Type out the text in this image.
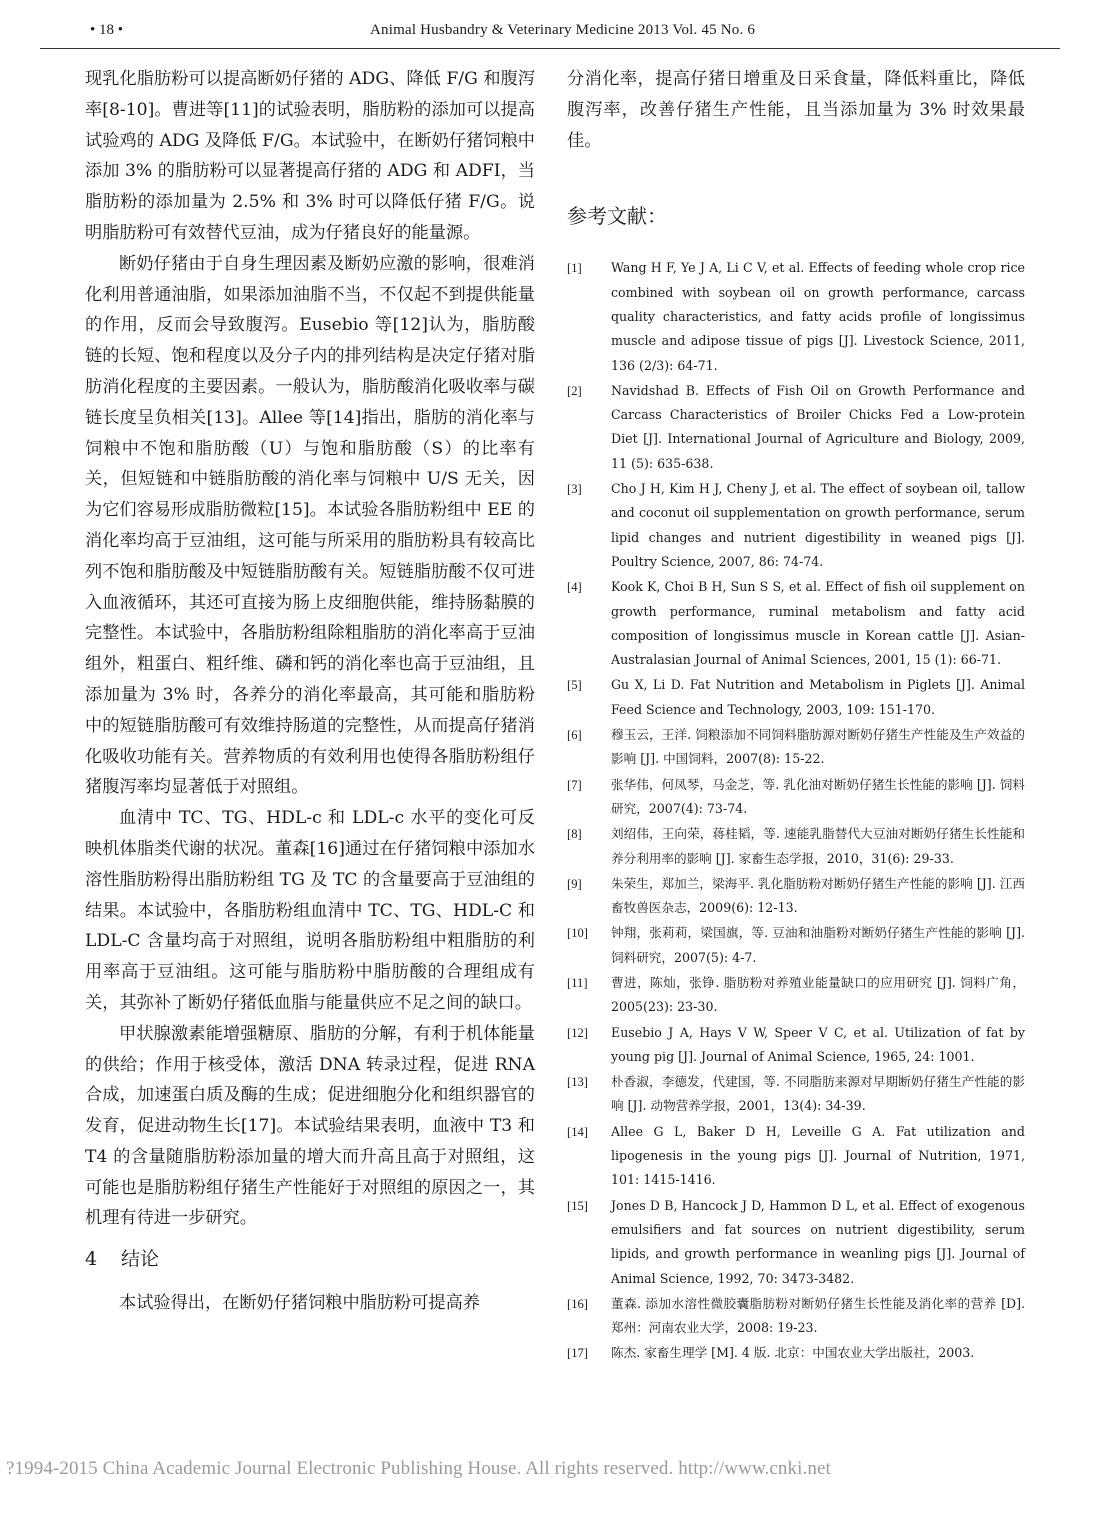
• 18 •	Animal Husbandry & Veterinary Medicine 2013 Vol. 45 No. 6

现乳化脂肪粉可以提高断奶仔猪的 ADG、降低 F/G 和腹泻率[8-10]。曹进等[11]的试验表明，脂肪粉的添加可以提高试验鸡的 ADG 及降低 F/G。本试验中，在断奶仔猪饲粮中添加 3% 的脂肪粉可以显著提高仔猪的 ADG 和 ADFI，当脂肪粉的添加量为 2.5% 和 3% 时可以降低仔猪 F/G。说明脂肪粉可有效替代豆油，成为仔猪良好的能量源。

断奶仔猪由于自身生理因素及断奶应激的影响，很难消化利用普通油脂，如果添加油脂不当，不仅起不到提供能量的作用，反而会导致腹泻。Eusebio 等[12]认为，脂肪酸链的长短、饱和程度以及分子内的排列结构是决定仔猪对脂肪消化程度的主要因素。一般认为，脂肪酸消化吸收率与碳链长度呈负相关[13]。Allee 等[14]指出，脂肪的消化率与饲粮中不饱和脂肪酸（U）与饱和脂肪酸（S）的比率有关，但短链和中链脂肪酸的消化率与饲粮中 U/S 无关，因为它们容易形成脂肪微粒[15]。本试验各脂肪粉组中 EE 的消化率均高于豆油组，这可能与所采用的脂肪粉具有较高比列不饱和脂肪酸及中短链脂肪酸有关。短链脂肪酸不仅可进入血液循环，其还可直接为肠上皮细胞供能，维持肠黏膜的完整性。本试验中，各脂肪粉组除粗脂肪的消化率高于豆油组外，粗蛋白、粗纤维、磷和钙的消化率也高于豆油组，且添加量为 3% 时，各养分的消化率最高，其可能和脂肪粉中的短链脂肪酸可有效维持肠道的完整性，从而提高仔猪消化吸收功能有关。营养物质的有效利用也使得各脂肪粉组仔猪腹泻率均显著低于对照组。

血清中 TC、TG、HDL-c 和 LDL-c 水平的变化可反映机体脂类代谢的状况。董森[16]通过在仔猪饲粮中添加水溶性脂肪粉得出脂肪粉组 TG 及 TC 的含量要高于豆油组的结果。本试验中，各脂肪粉组血清中 TC、TG、HDL-C 和 LDL-C 含量均高于对照组，说明各脂肪粉组中粗脂肪的利用率高于豆油组。这可能与脂肪粉中脂肪酸的合理组成有关，其弥补了断奶仔猪低血脂与能量供应不足之间的缺口。

甲状腺激素能增强糖原、脂肪的分解，有利于机体能量的供给；作用于核受体，激活 DNA 转录过程，促进 RNA 合成，加速蛋白质及酶的生成；促进细胞分化和组织器官的发育，促进动物生长[17]。本试验结果表明，血液中 T3 和 T4 的含量随脂肪粉添加量的增大而升高且高于对照组，这可能也是脂肪粉组仔猪生产性能好于对照组的原因之一，其机理有待进一步研究。

4 结论

本试验得出，在断奶仔猪饲粮中脂肪粉可提高养

分消化率，提高仔猪日增重及日采食量，降低料重比，降低腹泻率，改善仔猪生产性能，且当添加量为 3% 时效果最佳。

参考文献：
[1]	Wang H F, Ye J A, Li C V, et al. Effects of feeding whole crop rice combined with soybean oil on growth performance, carcass quality characteristics, and fatty acids profile of longissimus muscle and adipose tissue of pigs [J]. Livestock Science, 2011, 136 (2/3): 64-71.
[2]	Navidshad B. Effects of Fish Oil on Growth Performance and Carcass Characteristics of Broiler Chicks Fed a Low-protein Diet [J]. International Journal of Agriculture and Biology, 2009, 11 (5): 635-638.
[3]	Cho J H, Kim H J, Cheny J, et al. The effect of soybean oil, tallow and coconut oil supplementation on growth performance, serum lipid changes and nutrient digestibility in weaned pigs [J]. Poultry Science, 2007, 86: 74-74.
[4]	Kook K, Choi B H, Sun S S, et al. Effect of fish oil supplement on growth performance, ruminal metabolism and fatty acid composition of longissimus muscle in Korean cattle [J]. Asian-Australasian Journal of Animal Sciences, 2001, 15 (1): 66-71.
[5]	Gu X, Li D. Fat Nutrition and Metabolism in Piglets [J]. Animal Feed Science and Technology, 2003, 109: 151-170.
[6]	穆玉云，王洋. 饲粮添加不同饲料脂肪源对断奶仔猪生产性能及生产效益的影响 [J]. 中国饲料，2007(8): 15-22.
[7]	张华伟，何凤琴，马金芝，等. 乳化油对断奶仔猪生长性能的影响 [J]. 饲料研究，2007(4): 73-74.
[8]	刘绍伟，王向荣，蒋桂韬，等. 速能乳脂替代大豆油对断奶仔猪生长性能和养分利用率的影响 [J]. 家畜生态学报，2010，31(6): 29-33.
[9]	朱荣生，郑加兰，梁海平. 乳化脂肪粉对断奶仔猪生产性能的影响 [J]. 江西畜牧兽医杂志，2009(6): 12-13.
[10]	钟翔，张莉莉，梁国旗，等. 豆油和油脂粉对断奶仔猪生产性能的影响 [J]. 饲料研究，2007(5): 4-7.
[11]	曹进，陈灿，张铮. 脂肪粉对养殖业能量缺口的应用研究 [J]. 饲料广角，2005(23): 23-30.
[12]	Eusebio J A, Hays V W, Speer V C, et al. Utilization of fat by young pig [J]. Journal of Animal Science, 1965, 24: 1001.
[13]	朴香淑，李德发，代建国，等. 不同脂肪来源对早期断奶仔猪生产性能的影响 [J]. 动物营养学报，2001，13(4): 34-39.
[14]	Allee G L, Baker D H, Leveille G A. Fat utilization and lipogenesis in the young pigs [J]. Journal of Nutrition, 1971, 101: 1415-1416.
[15]	Jones D B, Hancock J D, Hammon D L, et al. Effect of exogenous emulsifiers and fat sources on nutrient digestibility, serum lipids, and growth performance in weanling pigs [J]. Journal of Animal Science, 1992, 70: 3473-3482.
[16]	董森. 添加水溶性微胶囊脂肪粉对断奶仔猪生长性能及消化率的营养 [D]. 郑州：河南农业大学，2008: 19-23.
[17]	陈杰. 家畜生理学 [M]. 4 版. 北京：中国农业大学出版社，2003.
?1994-2015 China Academic Journal Electronic Publishing House. All rights reserved. http://www.cnki.net
